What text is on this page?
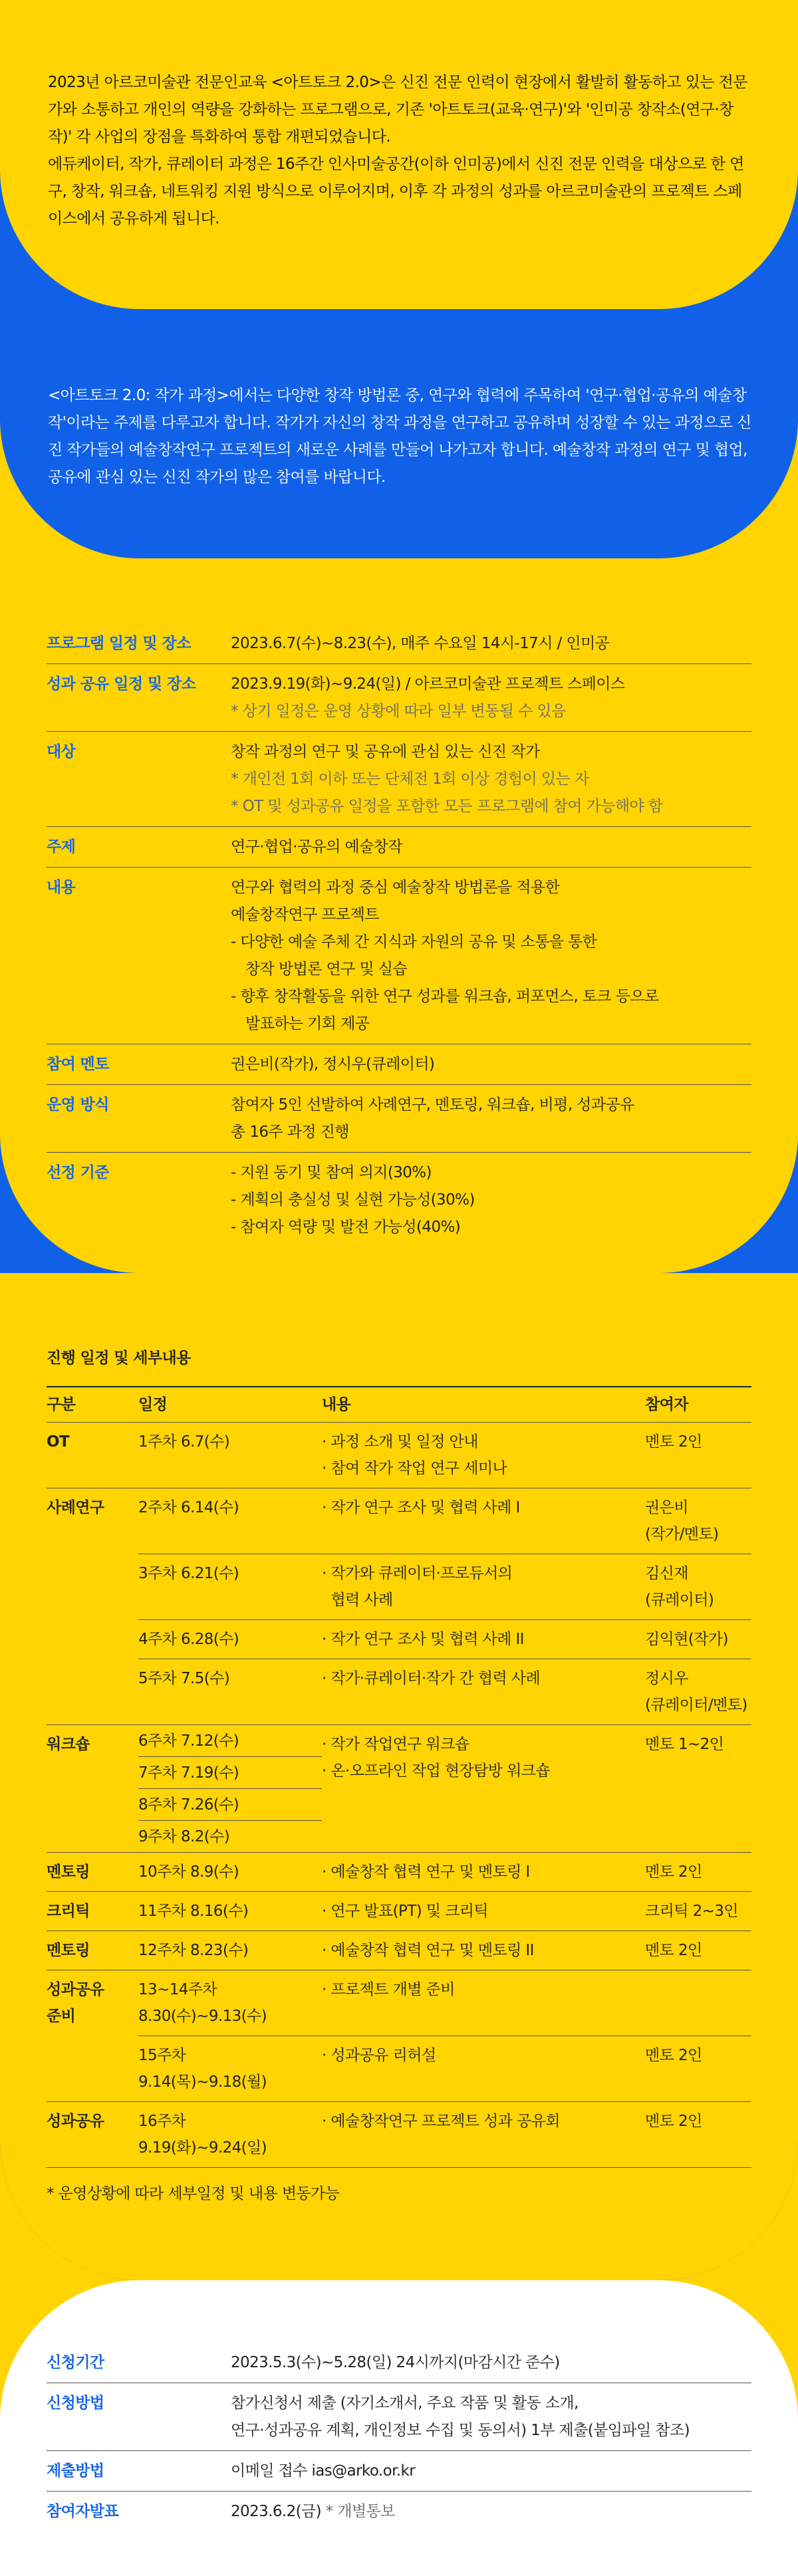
2023년 아르코미술관 전문인교육 <아트토크 2.0>은 신진 전문 인력이 현장에서 활발히 활동하고 있는 전문가와 소통하고 개인의 역량을 강화하는 프로그램으로, 기존 '아트토크(교육·연구)'와 '인미공 창작소(연구·창작)' 각 사업의 장점을 특화하여 통합 개편되었습니다.
에듀케이터, 작가, 큐레이터 과정은 16주간 인사미술공간(이하 인미공)에서 신진 전문 인력을 대상으로 한 연구, 창작, 워크숍, 네트워킹 지원 방식으로 이루어지며, 이후 각 과정의 성과를 아르코미술관의 프로젝트 스페이스에서 공유하게 됩니다.
<아트토크 2.0: 작가 과정>에서는 다양한 창작 방법론 중, 연구와 협력에 주목하여 '연구·협업·공유의 예술창작'이라는 주제를 다루고자 합니다. 작가가 자신의 창작 과정을 연구하고 공유하며 성장할 수 있는 과정으로 신진 작가들의 예술창작연구 프로젝트의 새로운 사례를 만들어 나가고자 합니다. 예술창작 과정의 연구 및 협업, 공유에 관심 있는 신진 작가의 많은 참여를 바랍니다.
프로그램 일정 및 장소	2023.6.7(수)~8.23(수), 매주 수요일 14시-17시 / 인미공
성과 공유 일정 및 장소	2023.9.19(화)~9.24(일) / 아르코미술관 프로젝트 스페이스
* 상기 일정은 운영 상황에 따라 일부 변동될 수 있음
대상	창작 과정의 연구 및 공유에 관심 있는 신진 작가
* 개인전 1회 이하 또는 단체전 1회 이상 경험이 있는 자
* OT 및 성과공유 일정을 포함한 모든 프로그램에 참여 가능해야 함
주제	연구·협업·공유의 예술창작
내용	연구와 협력의 과정 중심 예술창작 방법론을 적용한
예술창작연구 프로젝트
- 다양한 예술 주체 간 지식과 자원의 공유 및 소통을 통한
창작 방법론 연구 및 실습
- 향후 창작활동을 위한 연구 성과를 워크숍, 퍼포먼스, 토크 등으로
발표하는 기회 제공
참여 멘토	권은비(작가), 정시우(큐레이터)
운영 방식	참여자 5인 선발하여 사례연구, 멘토링, 워크숍, 비평, 성과공유
총 16주 과정 진행
선정 기준	- 지원 동기 및 참여 의지(30%)
- 계획의 충실성 및 실현 가능성(30%)
- 참여자 역량 및 발전 가능성(40%)
진행 일정 및 세부내용
구분	일정	내용	참여자
OT	1주차 6.7(수)	· 과정 소개 및 일정 안내
· 참여 작가 작업 연구 세미나	멘토 2인
사례연구	2주차 6.14(수)	· 작가 연구 조사 및 협력 사례 I	권은비
(작가/멘토)
	3주차 6.21(수)	· 작가와 큐레이터·프로듀서의
협력 사례	김신재
(큐레이터)
	4주차 6.28(수)	· 작가 연구 조사 및 협력 사례 II	김익현(작가)
	5주차 7.5(수)	· 작가·큐레이터·작가 간 협력 사례	정시우
(큐레이터/멘토)
워크숍	6주차 7.12(수)	· 작가 작업연구 워크숍
· 온·오프라인 작업 현장탐방 워크숍	멘토 1~2인
	7주차 7.19(수)		
	8주차 7.26(수)		
	9주차 8.2(수)		
멘토링	10주차 8.9(수)	· 예술창작 협력 연구 및 멘토링 I	멘토 2인
크리틱	11주차 8.16(수)	· 연구 발표(PT) 및 크리틱	크리틱 2~3인
멘토링	12주차 8.23(수)	· 예술창작 협력 연구 및 멘토링 II	멘토 2인
성과공유
준비	13~14주차
8.30(수)~9.13(수)	· 프로젝트 개별 준비	
	15주차
9.14(목)~9.18(월)	· 성과공유 리허설	멘토 2인
성과공유	16주차
9.19(화)~9.24(일)	· 예술창작연구 프로젝트 성과 공유회	멘토 2인
* 운영상황에 따라 세부일정 및 내용 변동가능
신청기간	2023.5.3(수)~5.28(일) 24시까지(마감시간 준수)
신청방법	참가신청서 제출 (자기소개서, 주요 작품 및 활동 소개,
연구·성과공유 계획, 개인정보 수집 및 동의서) 1부 제출(붙임파일 참조)
제출방법	이메일 접수 ias@arko.or.kr
참여자발표	2023.6.2(금) * 개별통보
